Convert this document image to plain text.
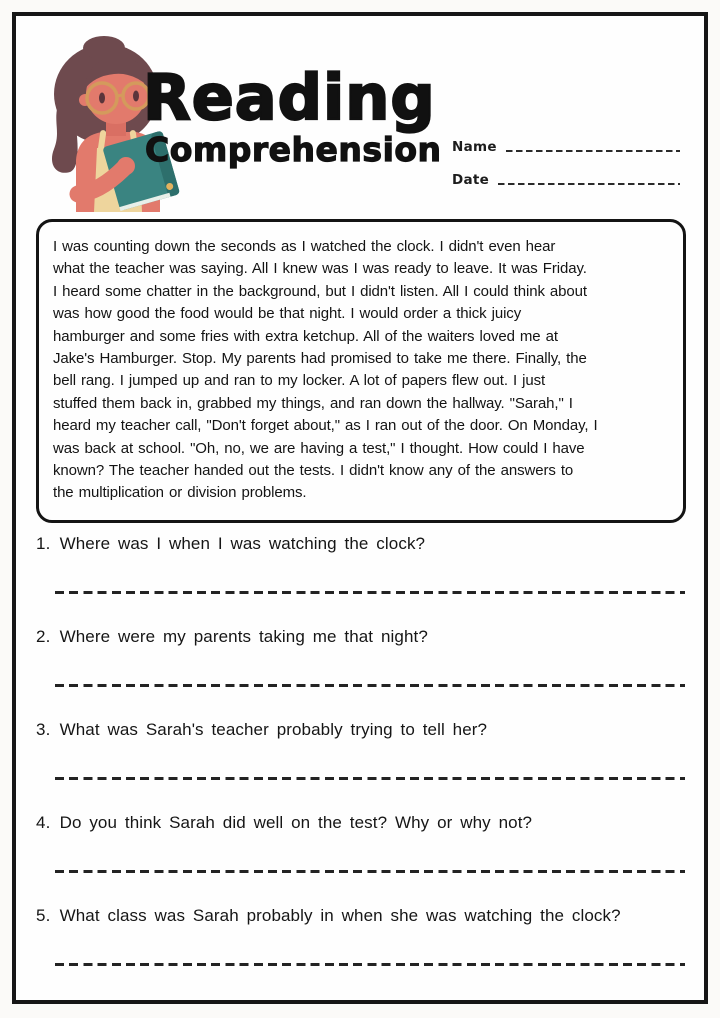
Reading
Comprehension Name
Date
I was counting down the seconds as I watched the clock. I didn't even hear
what the teacher was saying. All I knew was I was ready to leave. It was Friday.
I heard some chatter in the background, but I didn't listen. All I could think about
was how good the food would be that night. I would order a thick juicy
hamburger and some fries with extra ketchup. All of the waiters loved me at
Jake's Hamburger. Stop. My parents had promised to take me there. Finally, the
bell rang. I jumped up and ran to my locker. A lot of papers flew out. I just
stuffed them back in, grabbed my things, and ran down the hallway. "Sarah," I
heard my teacher call, "Don't forget about," as I ran out of the door. On Monday, I
was back at school. "Oh, no, we are having a test," I thought. How could I have
known? The teacher handed out the tests. I didn't know any of the answers to
the multiplication or division problems.
1. Where was I when I was watching the clock?
2. Where were my parents taking me that night?
3. What was Sarah's teacher probably trying to tell her?
4. Do you think Sarah did well on the test? Why or why not?
5. What class was Sarah probably in when she was watching the clock?
